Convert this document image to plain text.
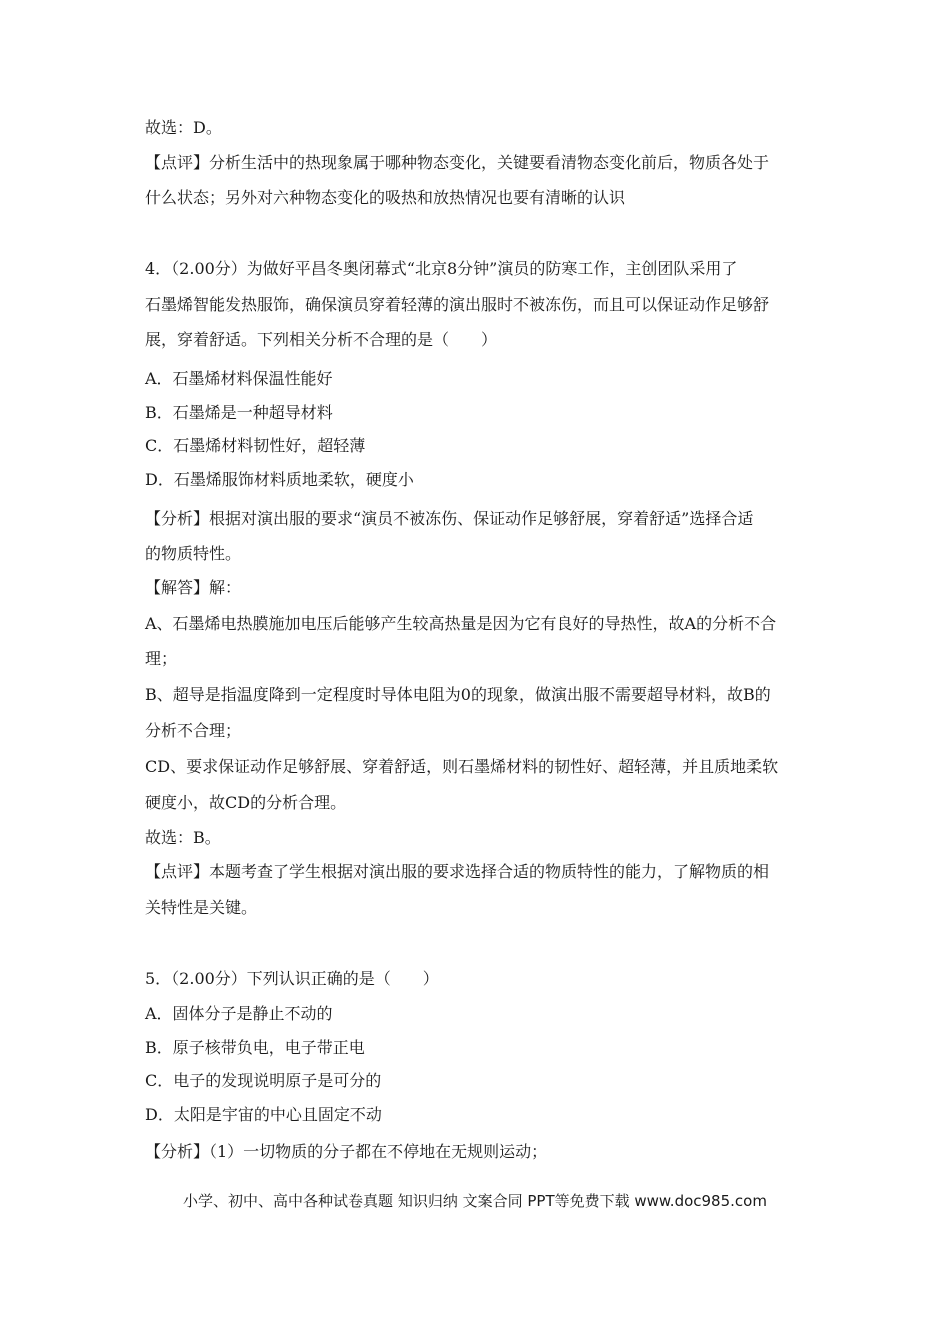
故选：D。
【点评】分析生活中的热现象属于哪种物态变化，关键要看清物态变化前后，物质各处于
什么状态；另外对六种物态变化的吸热和放热情况也要有清晰的认识
4．（2.00分）为做好平昌冬奥闭幕式“北京8分钟”演员的防寒工作，主创团队采用了
石墨烯智能发热服饰，确保演员穿着轻薄的演出服时不被冻伤，而且可以保证动作足够舒
展，穿着舒适。下列相关分析不合理的是（　　）
A．石墨烯材料保温性能好
B．石墨烯是一种超导材料
C．石墨烯材料韧性好，超轻薄
D．石墨烯服饰材料质地柔软，硬度小
【分析】根据对演出服的要求“演员不被冻伤、保证动作足够舒展，穿着舒适”选择合适
的物质特性。
【解答】解：
A、石墨烯电热膜施加电压后能够产生较高热量是因为它有良好的导热性，故A的分析不合
理；
B、超导是指温度降到一定程度时导体电阻为0的现象，做演出服不需要超导材料，故B的
分析不合理；
CD、要求保证动作足够舒展、穿着舒适，则石墨烯材料的韧性好、超轻薄，并且质地柔软
硬度小，故CD的分析合理。
故选：B。
【点评】本题考查了学生根据对演出服的要求选择合适的物质特性的能力，了解物质的相
关特性是关键。
5．（2.00分）下列认识正确的是（　　）
A．固体分子是静止不动的
B．原子核带负电，电子带正电
C．电子的发现说明原子是可分的
D．太阳是宇宙的中心且固定不动
【分析】（1）一切物质的分子都在不停地在无规则运动；
小学、初中、高中各种试卷真题 知识归纳 文案合同 PPT等免费下载 www.doc985.com
